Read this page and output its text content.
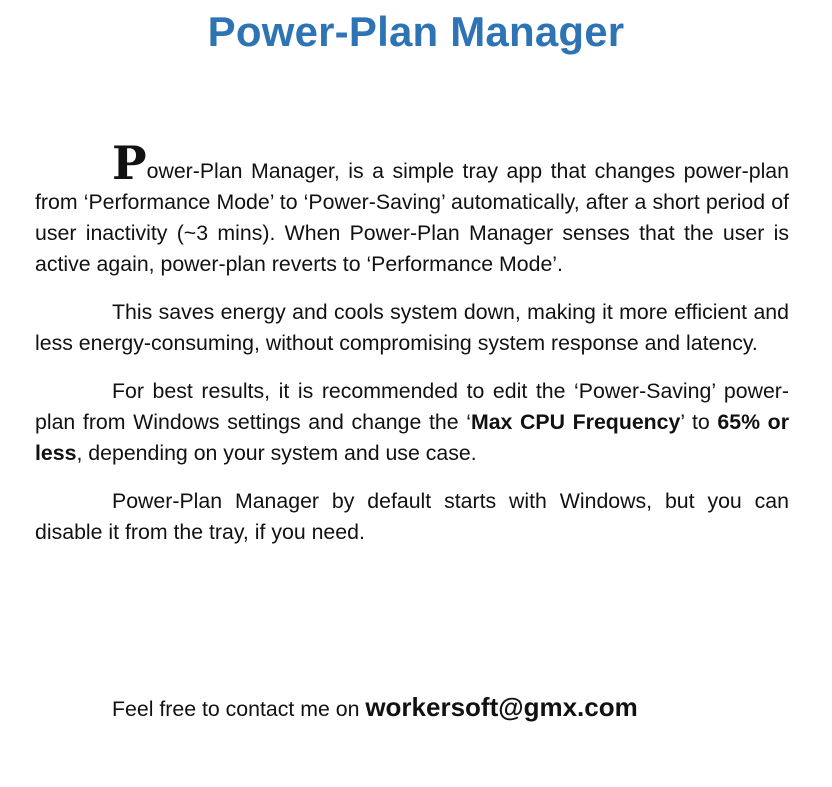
Power-Plan Manager

Power-Plan Manager, is a simple tray app that changes power-plan from ‘Performance Mode’ to ‘Power-Saving’ automatically, after a short period of user inactivity (~3 mins). When Power-Plan Manager senses that the user is active again, power-plan reverts to ‘Performance Mode’.

This saves energy and cools system down, making it more efficient and less energy-consuming, without compromising system response and latency.

For best results, it is recommended to edit the ‘Power-Saving’ power-plan from Windows settings and change the ‘Max CPU Frequency’ to 65% or less, depending on your system and use case.

Power-Plan Manager by default starts with Windows, but you can disable it from the tray, if you need.

Feel free to contact me on workersoft@gmx.com
